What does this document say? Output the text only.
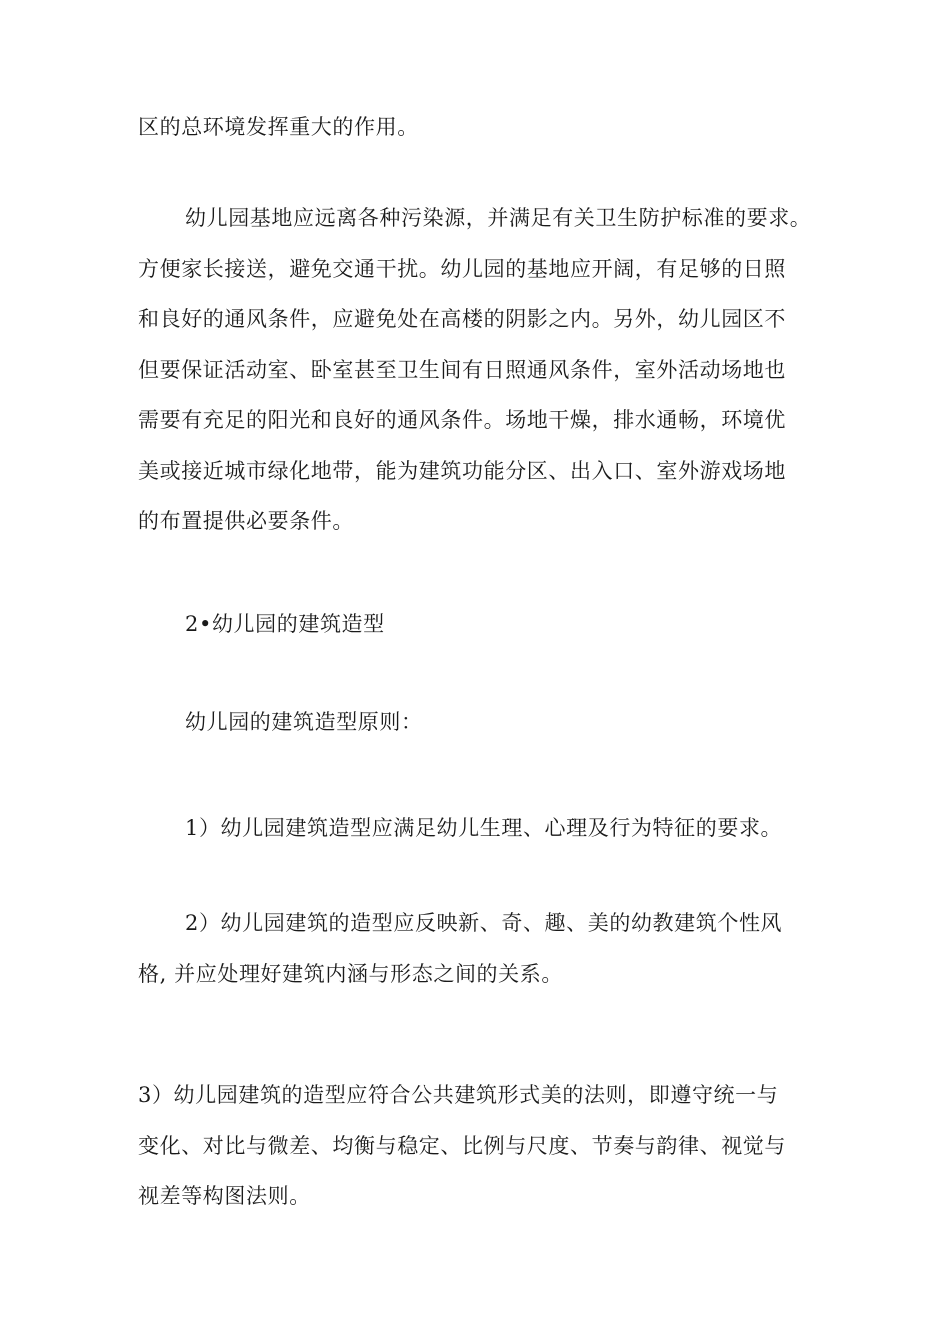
区的总环境发挥重大的作用。

幼儿园基地应远离各种污染源，并满足有关卫生防护标准的要求。
方便家长接送，避免交通干扰。幼儿园的基地应开阔，有足够的日照
和良好的通风条件，应避免处在高楼的阴影之内。另外，幼儿园区不
但要保证活动室、卧室甚至卫生间有日照通风条件，室外活动场地也
需要有充足的阳光和良好的通风条件。场地干燥，排水通畅，环境优
美或接近城市绿化地带，能为建筑功能分区、出入口、室外游戏场地
的布置提供必要条件。

2•幼儿园的建筑造型

幼儿园的建筑造型原则：

1）幼儿园建筑造型应满足幼儿生理、心理及行为特征的要求。

2）幼儿园建筑的造型应反映新、奇、趣、美的幼教建筑个性风
格, 并应处理好建筑内涵与形态之间的关系。

3）幼儿园建筑的造型应符合公共建筑形式美的法则，即遵守统一与
变化、对比与微差、均衡与稳定、比例与尺度、节奏与韵律、视觉与
视差等构图法则。
